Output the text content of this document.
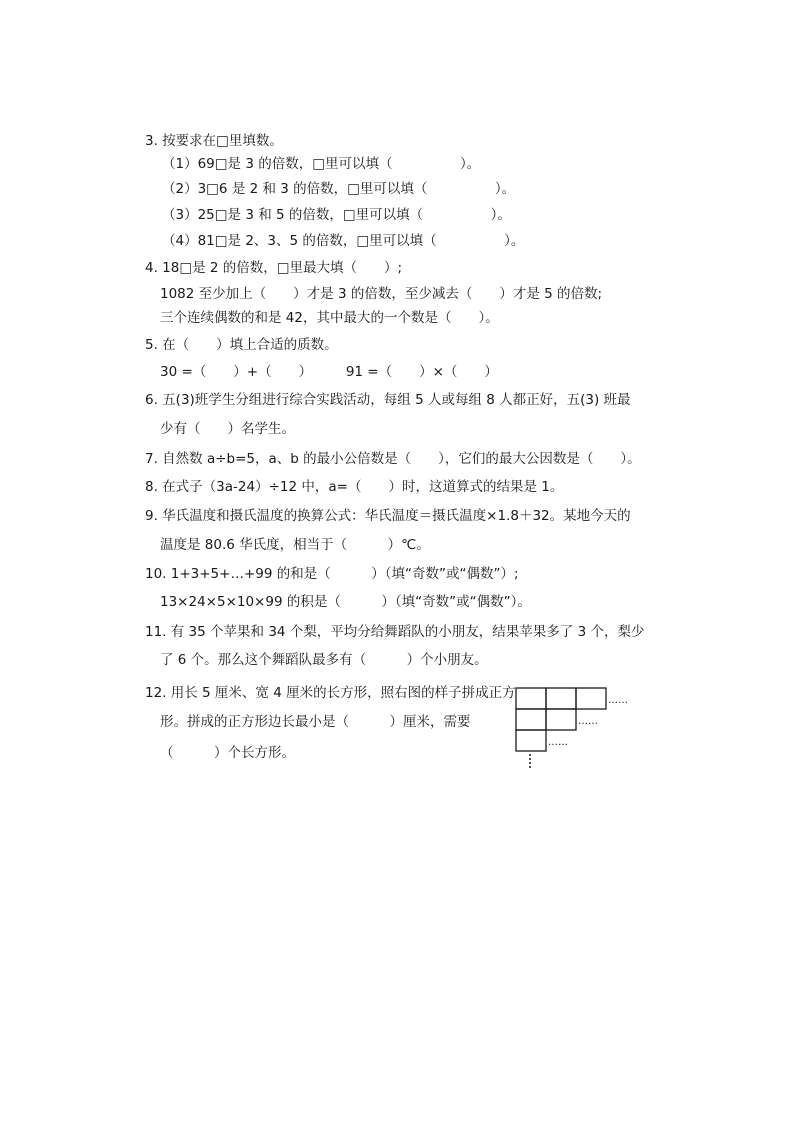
3. 按要求在□里填数。
（1）69□是 3 的倍数，□里可以填（　　　　　）。
（2）3□6 是 2 和 3 的倍数，□里可以填（　　　　　）。
（3）25□是 3 和 5 的倍数，□里可以填（　　　　　）。
（4）81□是 2、3、5 的倍数，□里可以填（　　　　　）。
4. 18□是 2 的倍数，□里最大填（　　）;
1082 至少加上（　　）才是 3 的倍数，至少减去（　　）才是 5 的倍数;
三个连续偶数的和是 42，其中最大的一个数是（　　）。
5. 在（　　）填上合适的质数。
30 =（　　）+（　　）　　　91 =（　　）×（　　）
6. 五(3)班学生分组进行综合实践活动，每组 5 人或每组 8 人都正好，五(3) 班最
少有（　　）名学生。
7. 自然数 a÷b=5，a、b 的最小公倍数是（　　），它们的最大公因数是（　　）。
8. 在式子（3a-24）÷12 中，a=（　　）时，这道算式的结果是 1。
9. 华氏温度和摄氏温度的换算公式：华氏温度＝摄氏温度×1.8＋32。某地今天的
温度是 80.6 华氏度，相当于（　　　）℃。
10. 1+3+5+…+99 的和是（　　　）（填“奇数”或“偶数”）;
13×24×5×10×99 的积是（　　　）（填“奇数”或“偶数”）。
11. 有 35 个苹果和 34 个梨，平均分给舞蹈队的小朋友，结果苹果多了 3 个，梨少
了 6 个。那么这个舞蹈队最多有（　　　）个小朋友。
12. 用长 5 厘米、宽 4 厘米的长方形，照右图的样子拼成正方
形。拼成的正方形边长最小是（　　　）厘米，需要
（　　　）个长方形。
……
……
……
